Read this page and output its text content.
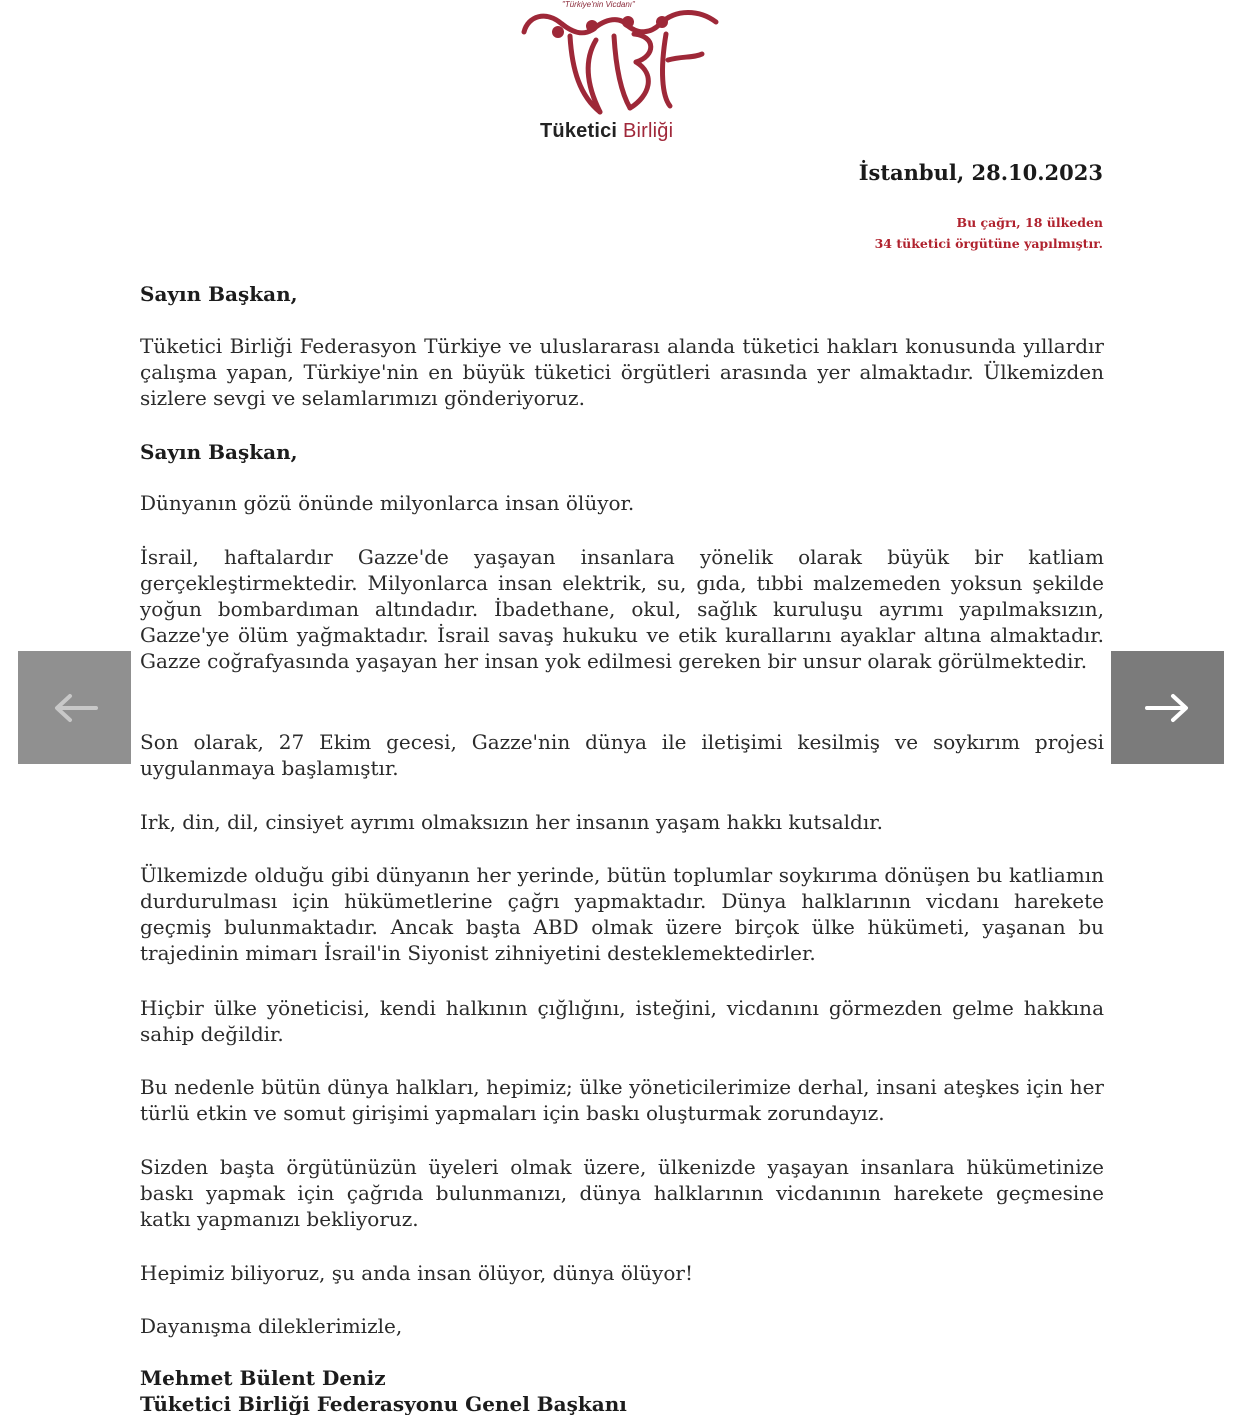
"Türkiye'nin Vicdanı"
Tüketici Birliği
İstanbul, 28.10.2023
Bu çağrı, 18 ülkeden
34 tüketici örgütüne yapılmıştır.
Sayın Başkan,
Tüketici Birliği Federasyon Türkiye ve uluslararası alanda tüketici hakları konusunda yıllardır çalışma yapan, Türkiye'nin en büyük tüketici örgütleri arasında yer almaktadır. Ülkemizden sizlere sevgi ve selamlarımızı gönderiyoruz.
Sayın Başkan,
Dünyanın gözü önünde milyonlarca insan ölüyor.
İsrail, haftalardır Gazze'de yaşayan insanlara yönelik olarak büyük bir katliam gerçekleştirmektedir. Milyonlarca insan elektrik, su, gıda, tıbbi malzemeden yoksun şekilde yoğun bombardıman altındadır. İbadethane, okul, sağlık kuruluşu ayrımı yapılmaksızın, Gazze'ye ölüm yağmaktadır. İsrail savaş hukuku ve etik kurallarını ayaklar altına almaktadır. Gazze coğrafyasında yaşayan her insan yok edilmesi gereken bir unsur olarak görülmektedir.
Son olarak, 27 Ekim gecesi, Gazze'nin dünya ile iletişimi kesilmiş ve soykırım projesi uygulanmaya başlamıştır.
Irk, din, dil, cinsiyet ayrımı olmaksızın her insanın yaşam hakkı kutsaldır.
Ülkemizde olduğu gibi dünyanın her yerinde, bütün toplumlar soykırıma dönüşen bu katliamın durdurulması için hükümetlerine çağrı yapmaktadır. Dünya halklarının vicdanı harekete geçmiş bulunmaktadır. Ancak başta ABD olmak üzere birçok ülke hükümeti, yaşanan bu trajedinin mimarı İsrail'in Siyonist zihniyetini desteklemektedirler.
Hiçbir ülke yöneticisi, kendi halkının çığlığını, isteğini, vicdanını görmezden gelme hakkına sahip değildir.
Bu nedenle bütün dünya halkları, hepimiz; ülke yöneticilerimize derhal, insani ateşkes için her türlü etkin ve somut girişimi yapmaları için baskı oluşturmak zorundayız.
Sizden başta örgütünüzün üyeleri olmak üzere, ülkenizde yaşayan insanlara hükümetinize baskı yapmak için çağrıda bulunmanızı, dünya halklarının vicdanının harekete geçmesine katkı yapmanızı bekliyoruz.
Hepimiz biliyoruz, şu anda insan ölüyor, dünya ölüyor!
Dayanışma dileklerimizle,
Mehmet Bülent Deniz
Tüketici Birliği Federasyonu Genel Başkanı
